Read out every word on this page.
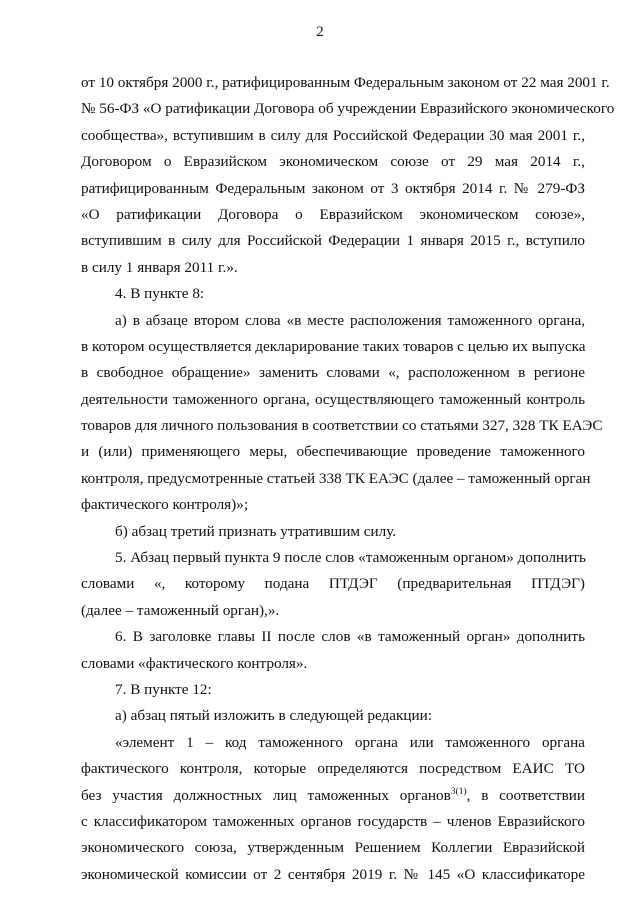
2
от 10 октября 2000 г., ратифицированным Федеральным законом от 22 мая 2001 г.
№ 56-ФЗ «О ратификации Договора об учреждении Евразийского экономического
сообщества», вступившим в силу для Российской Федерации 30 мая 2001 г.,
Договором о Евразийском экономическом союзе от 29 мая 2014 г.,
ратифицированным Федеральным законом от 3 октября 2014 г. № 279-ФЗ
«О ратификации Договора о Евразийском экономическом союзе»,
вступившим в силу для Российской Федерации 1 января 2015 г., вступило
в силу 1 января 2011 г.».
4. В пункте 8:
а) в абзаце втором слова «в месте расположения таможенного органа,
в котором осуществляется декларирование таких товаров с целью их выпуска
в свободное обращение» заменить словами «, расположенном в регионе
деятельности таможенного органа, осуществляющего таможенный контроль
товаров для личного пользования в соответствии со статьями 327, 328 ТК ЕАЭС
и (или) применяющего меры, обеспечивающие проведение таможенного
контроля, предусмотренные статьей 338 ТК ЕАЭС (далее – таможенный орган
фактического контроля)»;
б) абзац третий признать утратившим силу.
5. Абзац первый пункта 9 после слов «таможенным органом» дополнить
словами «, которому подана ПТДЭГ (предварительная ПТДЭГ)
(далее – таможенный орган),».
6. В заголовке главы II после слов «в таможенный орган» дополнить
словами «фактического контроля».
7. В пункте 12:
а) абзац пятый изложить в следующей редакции:
«элемент 1 – код таможенного органа или таможенного органа
фактического контроля, которые определяются посредством ЕАИС ТО
без участия должностных лиц таможенных органов$^{3(1)}$, в соответствии
с классификатором таможенных органов государств – членов Евразийского
экономического союза, утвержденным Решением Коллегии Евразийской
экономической комиссии от 2 сентября 2019 г. № 145 «О классификаторе
